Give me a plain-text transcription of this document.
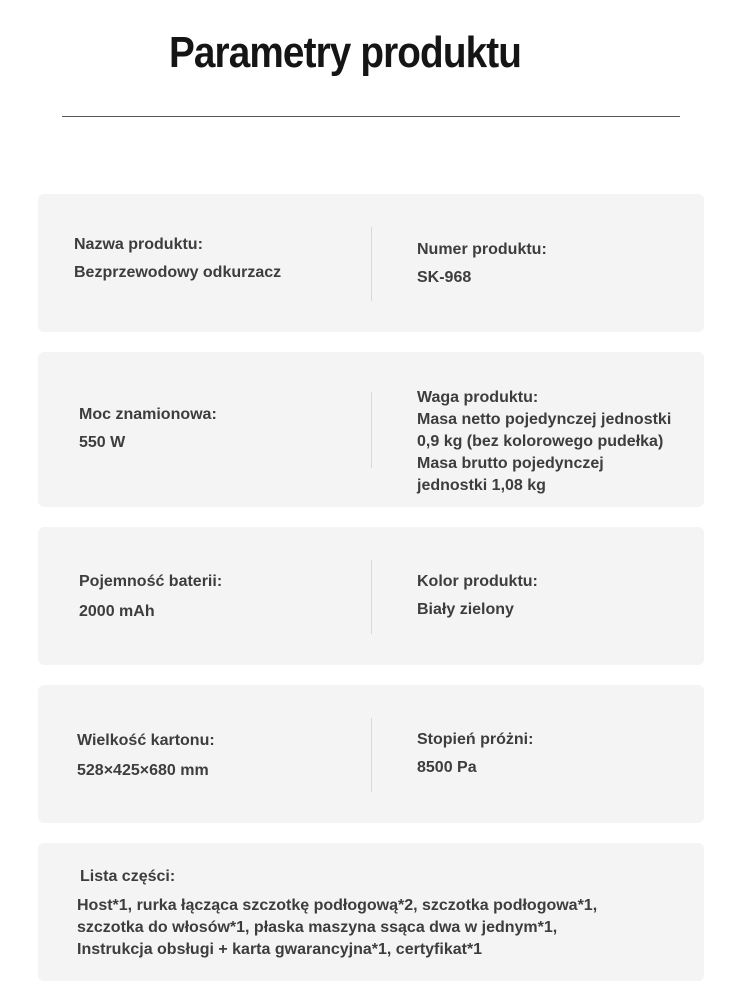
Parametry produktu
Nazwa produktu:
Bezprzewodowy odkurzacz
Numer produktu:
SK-968
Moc znamionowa:
550 W
Waga produktu:
Masa netto pojedynczej jednostki
0,9 kg (bez kolorowego pudełka)
Masa brutto pojedynczej
jednostki 1,08 kg
Pojemność baterii:
2000 mAh
Kolor produktu:
Biały zielony
Wielkość kartonu:
528×425×680 mm
Stopień próżni:
8500 Pa
Lista części:
Host*1, rurka łącząca szczotkę podłogową*2, szczotka podłogowa*1,
szczotka do włosów*1, płaska maszyna ssąca dwa w jednym*1,
Instrukcja obsługi + karta gwarancyjna*1, certyfikat*1
